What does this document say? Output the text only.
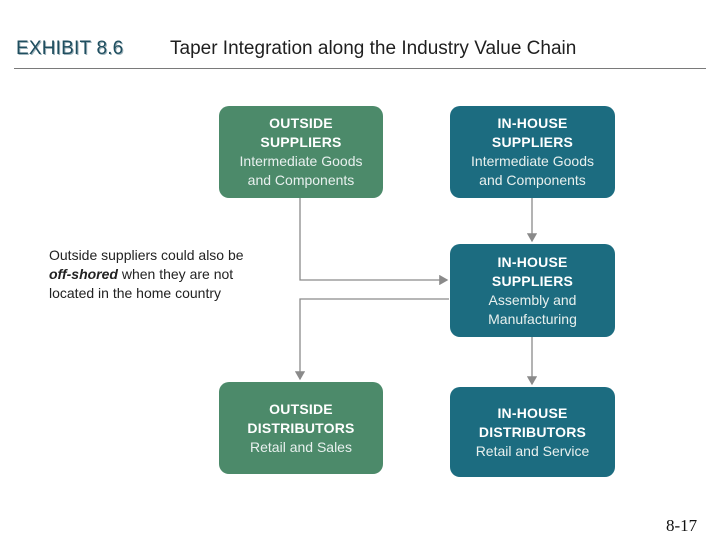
EXHIBIT 8.6 Taper Integration along the Industry Value Chain
OUTSIDE
SUPPLIERS
Intermediate Goods
and Components
IN-HOUSE
SUPPLIERS
Intermediate Goods
and Components
IN-HOUSE
SUPPLIERS
Assembly and
Manufacturing
OUTSIDE
DISTRIBUTORS
Retail and Sales
IN-HOUSE
DISTRIBUTORS
Retail and Service
Outside suppliers could also be off-shored when they are not located in the home country
8-17
